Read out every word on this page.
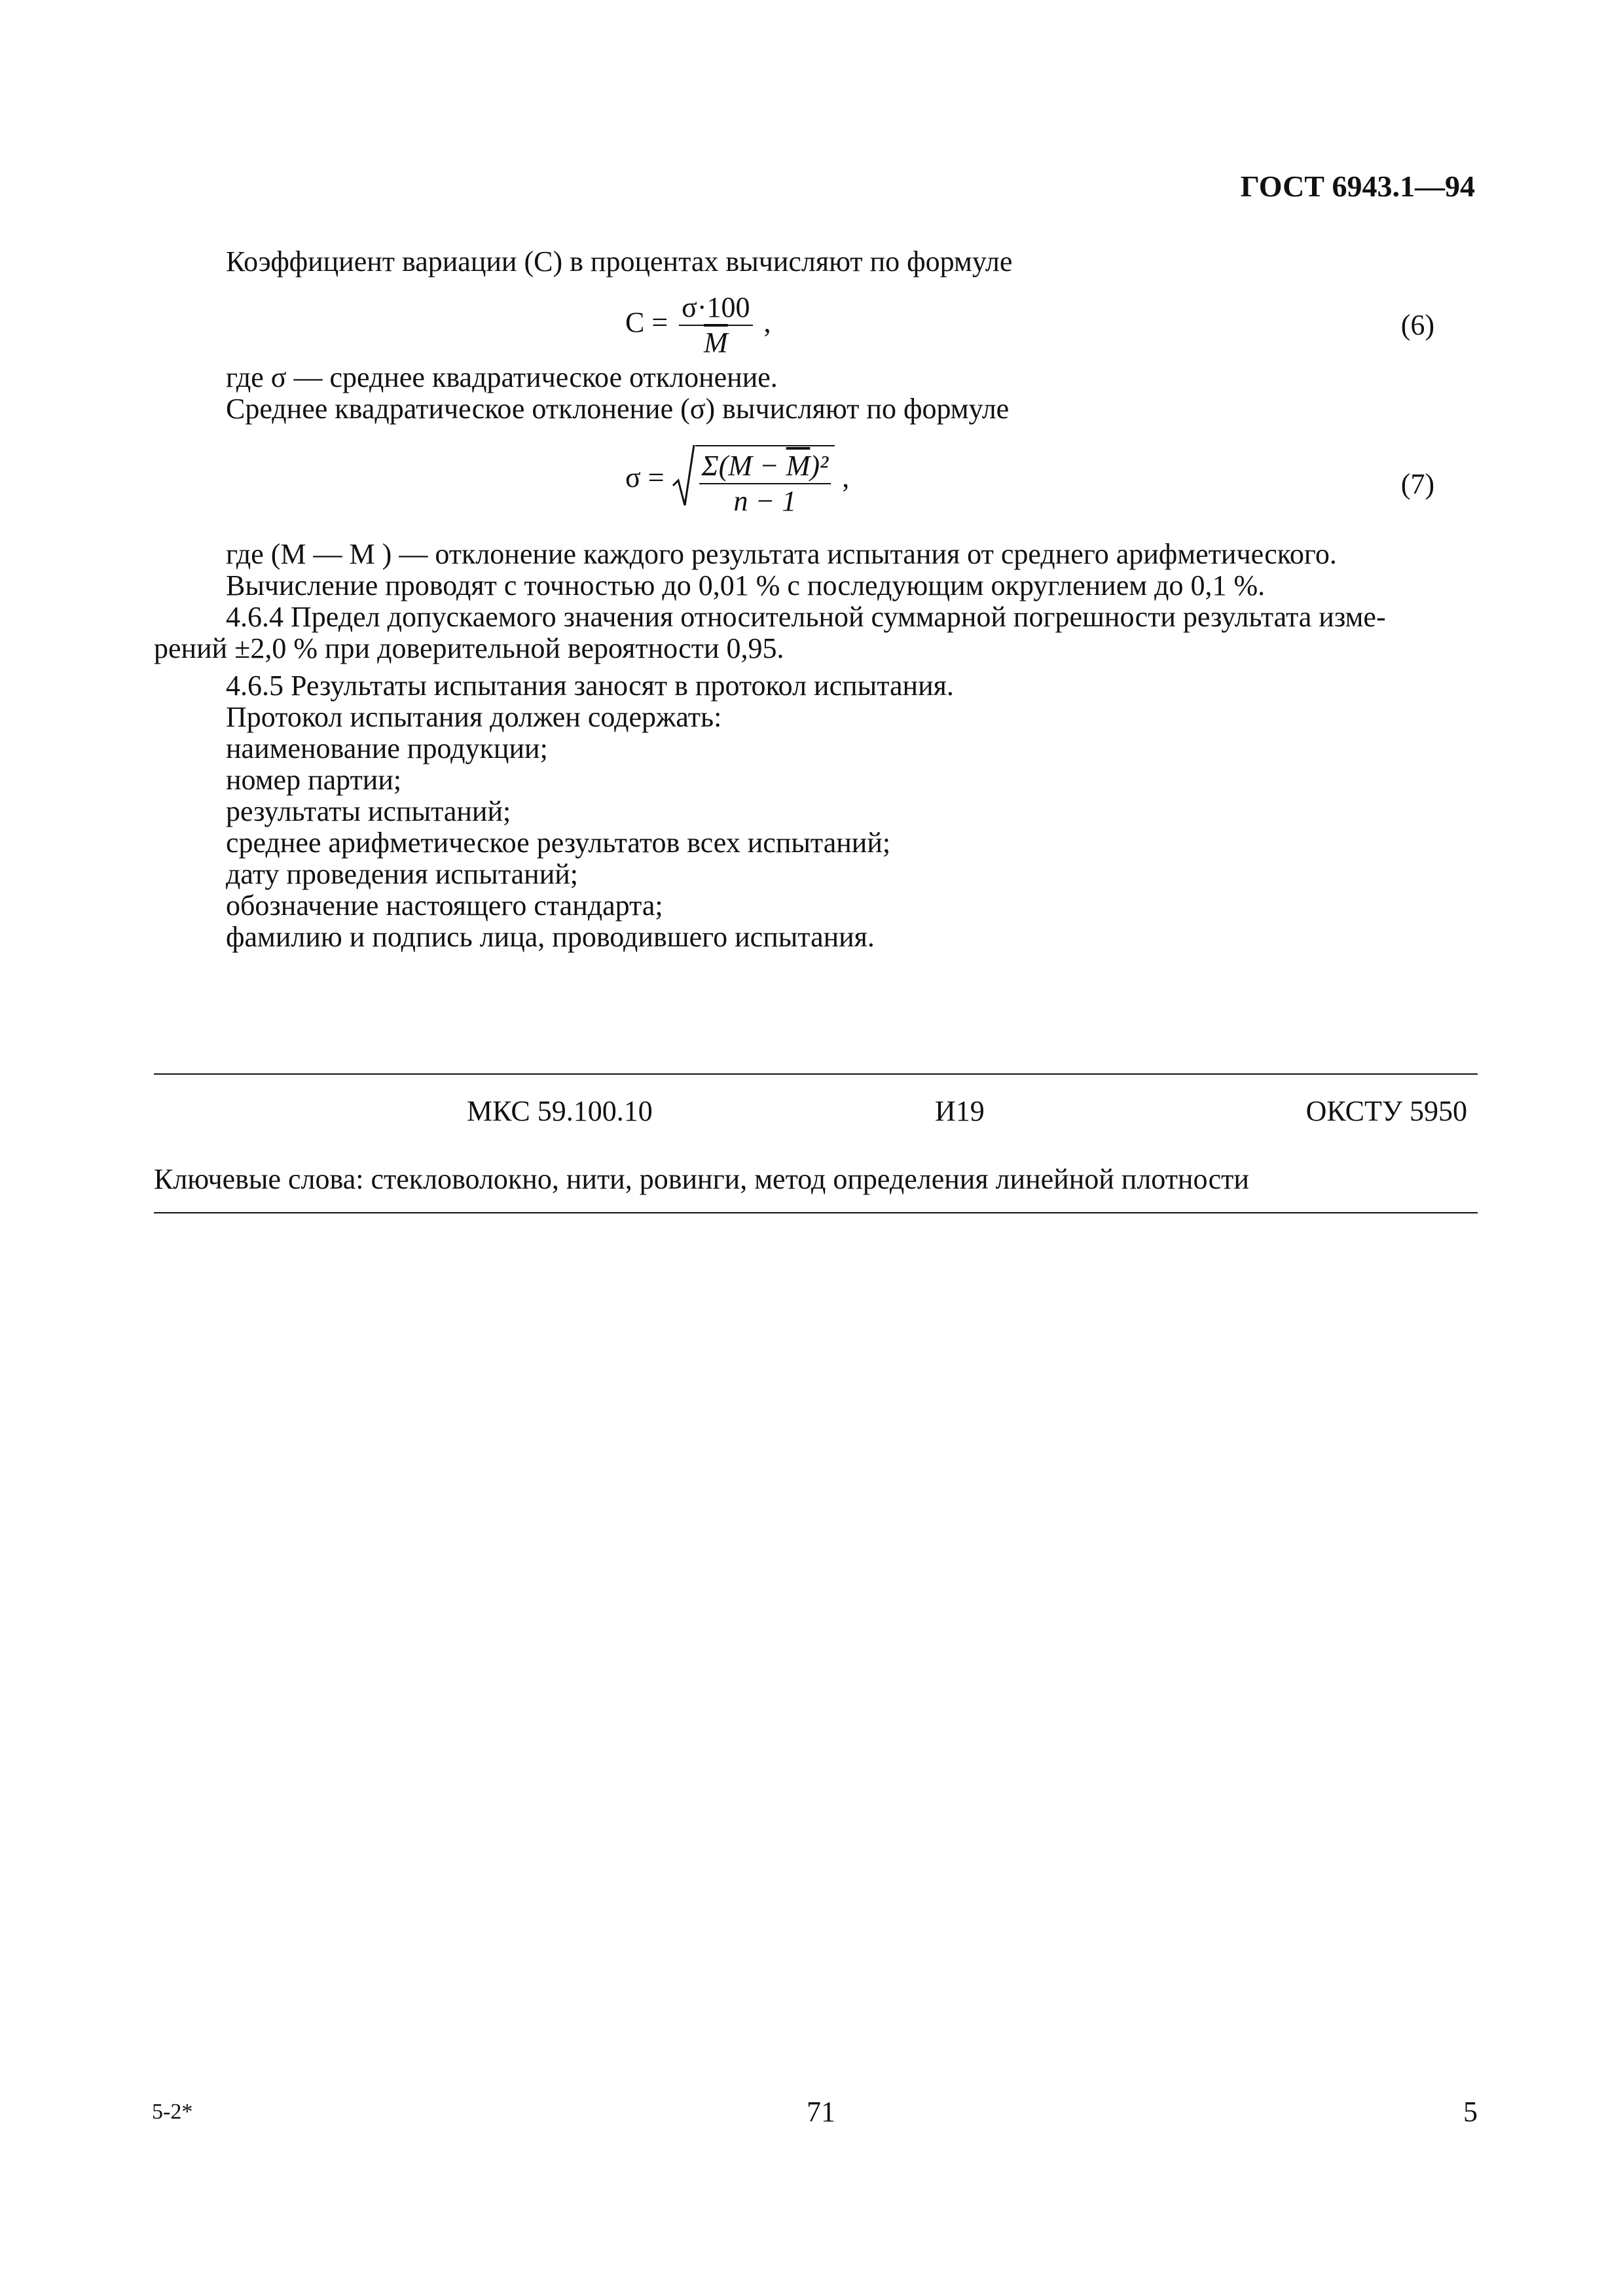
ГОСТ 6943.1—94
Коэффициент вариации (С) в процентах вычисляют по формуле
$C = \frac{\sigma\cdot 100}{M}$ ,	(6)
где σ — среднее квадратическое отклонение.
Среднее квадратическое отклонение (σ) вычисляют по формуле
$\sigma = \frac{\Sigma(M - \overline{M})^2}{n - 1}$ ,	(7)
где (M — M ) — отклонение каждого результата испытания от среднего арифметического.
Вычисление проводят с точностью до 0,01 % с последующим округлением до 0,1 %.
4.6.4 Предел допускаемого значения относительной суммарной погрешности результата изме-
рений ±2,0 % при доверительной вероятности 0,95.
4.6.5 Результаты испытания заносят в протокол испытания.
Протокол испытания должен содержать:
наименование продукции;
номер партии;
результаты испытаний;
среднее арифметическое результатов всех испытаний;
дату проведения испытаний;
обозначение настоящего стандарта;
фамилию и подпись лица, проводившего испытания.
МКС 59.100.10	И19	ОКСТУ 5950
Ключевые слова: стекловолокно, нити, ровинги, метод определения линейной плотности
5-2*	71	5
